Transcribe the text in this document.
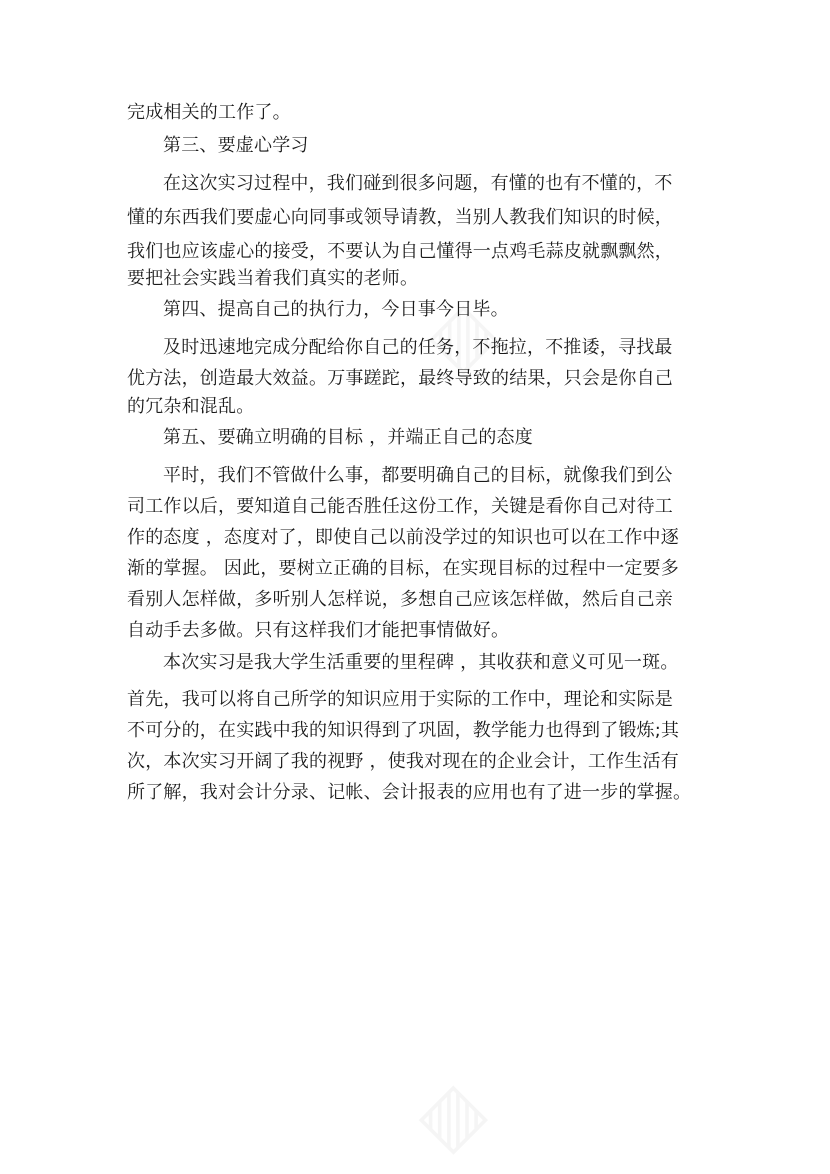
▨
▨
完成相关的工作了。
第三、要虚心学习
在这次实习过程中，我们碰到很多问题，有懂的也有不懂的，不
懂的东西我们要虚心向同事或领导请教，当别人教我们知识的时候，
我们也应该虚心的接受，不要认为自己懂得一点鸡毛蒜皮就飘飘然，
要把社会实践当着我们真实的老师。
第四、提高自己的执行力，今日事今日毕。
及时迅速地完成分配给你自己的任务，不拖拉，不推诿，寻找最
优方法，创造最大效益。万事蹉跎，最终导致的结果，只会是你自己
的冗杂和混乱。
第五、要确立明确的目标 ，并端正自己的态度
平时，我们不管做什么事，都要明确自己的目标，就像我们到公
司工作以后，要知道自己能否胜任这份工作，关键是看你自己对待工
作的态度 ，态度对了，即使自己以前没学过的知识也可以在工作中逐
渐的掌握。 因此，要树立正确的目标，在实现目标的过程中一定要多
看别人怎样做，多听别人怎样说，多想自己应该怎样做，然后自己亲
自动手去多做。只有这样我们才能把事情做好。
本次实习是我大学生活重要的里程碑 ，其收获和意义可见一斑。
首先，我可以将自己所学的知识应用于实际的工作中，理论和实际是
不可分的，在实践中我的知识得到了巩固，教学能力也得到了锻炼;其
次，本次实习开阔了我的视野 ，使我对现在的企业会计，工作生活有
所了解，我对会计分录、记帐、会计报表的应用也有了进一步的掌握。
